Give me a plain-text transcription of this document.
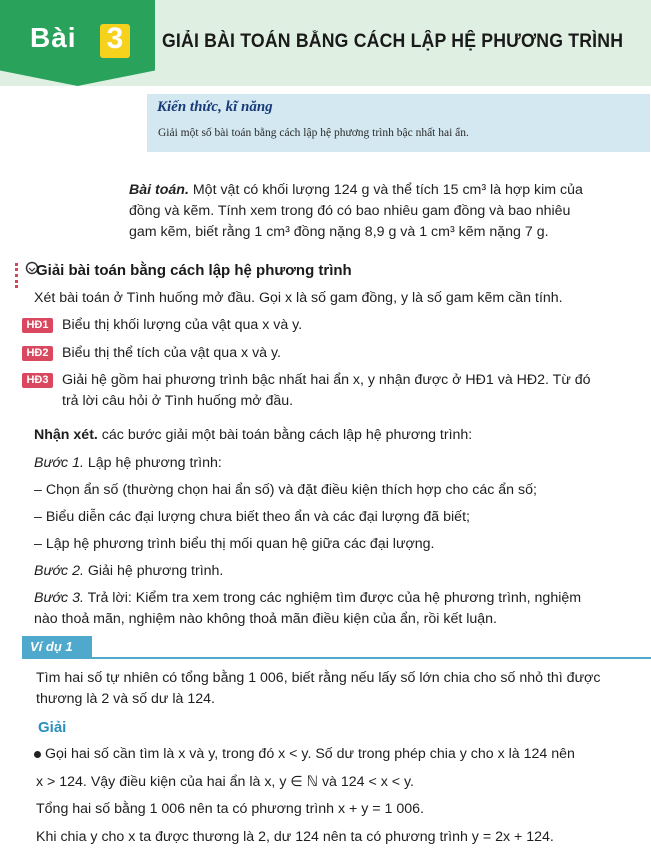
Bài 3	GIẢI BÀI TOÁN BẰNG CÁCH LẬP HỆ PHƯƠNG TRÌNH
Kiến thức, kĩ năng
Giải một số bài toán bằng cách lập hệ phương trình bậc nhất hai ẩn.
Bài toán. Một vật có khối lượng 124 g và thể tích 15 cm³ là hợp kim của
đồng và kẽm. Tính xem trong đó có bao nhiêu gam đồng và bao nhiêu
gam kẽm, biết rằng 1 cm³ đồng nặng 8,9 g và 1 cm³ kẽm nặng 7 g.
Giải bài toán bằng cách lập hệ phương trình
Xét bài toán ở Tình huống mở đầu. Gọi x là số gam đồng, y là số gam kẽm cần tính.
HĐ1 Biểu thị khối lượng của vật qua x và y.
HĐ2 Biểu thị thể tích của vật qua x và y.
HĐ3 Giải hệ gồm hai phương trình bậc nhất hai ẩn x, y nhận được ở HĐ1 và HĐ2. Từ đó
trả lời câu hỏi ở Tình huống mở đầu.
Nhận xét. các bước giải một bài toán bằng cách lập hệ phương trình:
Bước 1. Lập hệ phương trình:
– Chọn ẩn số (thường chọn hai ẩn số) và đặt điều kiện thích hợp cho các ẩn số;
– Biểu diễn các đại lượng chưa biết theo ẩn và các đại lượng đã biết;
– Lập hệ phương trình biểu thị mối quan hệ giữa các đại lượng.
Bước 2. Giải hệ phương trình.
Bước 3. Trả lời: Kiểm tra xem trong các nghiệm tìm được của hệ phương trình, nghiệm
nào thoả mãn, nghiệm nào không thoả mãn điều kiện của ẩn, rồi kết luận.
Ví dụ 1
Tìm hai số tự nhiên có tổng bằng 1 006, biết rằng nếu lấy số lớn chia cho số nhỏ thì được
thương là 2 và số dư là 124.
Giải
Gọi hai số cần tìm là x và y, trong đó x < y. Số dư trong phép chia y cho x là 124 nên
x > 124. Vậy điều kiện của hai ẩn là x, y ∈ ℕ và 124 < x < y.
Tổng hai số bằng 1 006 nên ta có phương trình x + y = 1 006.
Khi chia y cho x ta được thương là 2, dư 124 nên ta có phương trình y = 2x + 124.
